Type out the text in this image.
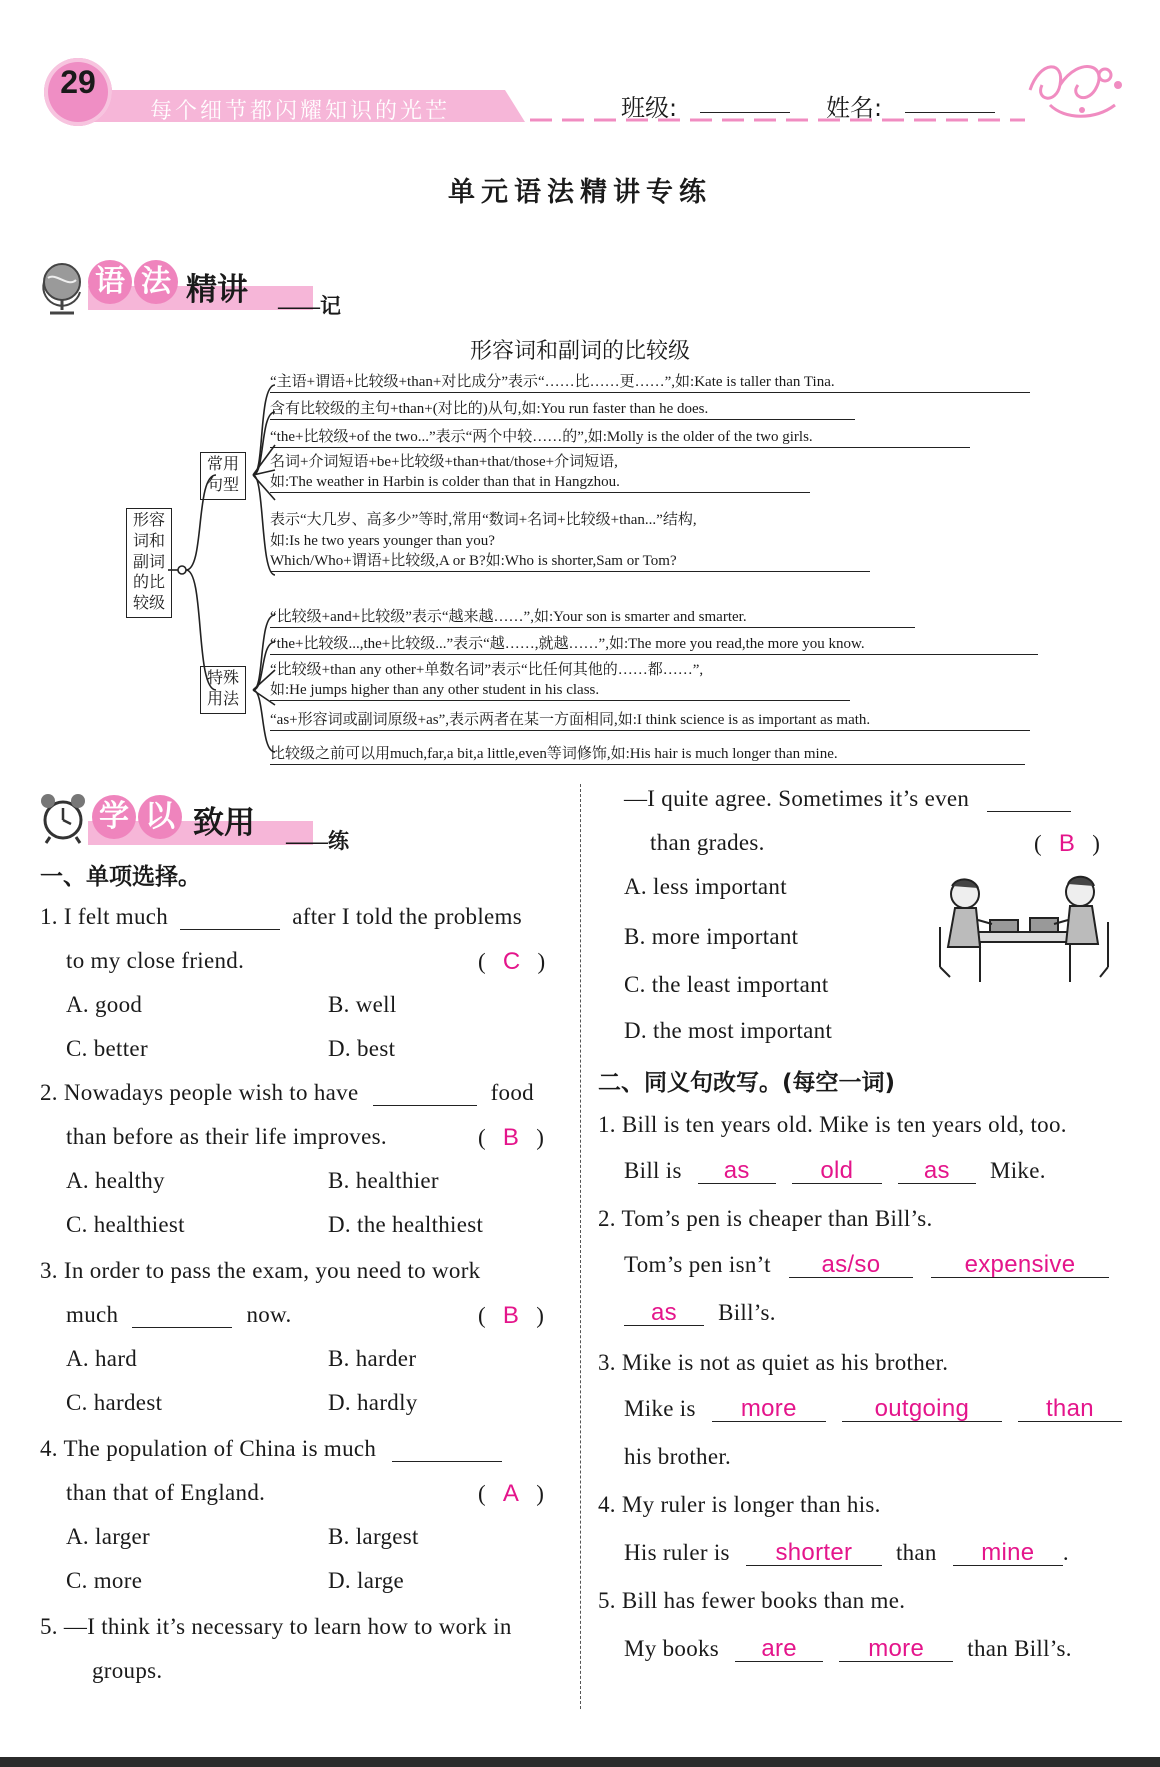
29
每个细节都闪耀知识的光芒	班级:	姓名:
单元语法精讲专练
语 法 精讲 ——记
形容词和副词的比较级
形容
词和
副词
的比
较级
常用
句型
特殊
用法
“主语+谓语+比较级+than+对比成分”表示“……比……更……”,如:Kate is taller than Tina.
含有比较级的主句+than+(对比的)从句,如:You run faster than he does.
“the+比较级+of the two...”表示“两个中较……的”,如:Molly is the older of the two girls.
名词+介词短语+be+比较级+than+that/those+介词短语,
如:The weather in Harbin is colder than that in Hangzhou.
表示“大几岁、高多少”等时,常用“数词+名词+比较级+than...”结构,
如:Is he two years younger than you?
Which/Who+谓语+比较级,A or B?如:Who is shorter,Sam or Tom?
“比较级+and+比较级”表示“越来越……”,如:Your son is smarter and smarter.
“the+比较级...,the+比较级...”表示“越……,就越……”,如:The more you read,the more you know.
“比较级+than any other+单数名词”表示“比任何其他的……都……”,
如:He jumps higher than any other student in his class.
“as+形容词或副词原级+as”,表示两者在某一方面相同,如:I think science is as important as math.
比较级之前可以用much,far,a bit,a little,even等词修饰,如:His hair is much longer than mine.
学 以 致用 ——练
一、单项选择。
1. I felt much	after I told the problems
to my close friend.	(   C   )
A. good	B. well
C. better	D. best
2. Nowadays people wish to have	food
than before as their life improves.	(   B   )
A. healthy	B. healthier
C. healthiest	D. the healthiest
3. In order to pass the exam, you need to work
much	now.	(   B   )
A. hard	B. harder
C. hardest	D. hardly
4. The population of China is much
than that of England.	(   A   )
A. larger	B. largest
C. more	D. large
5. —I think it’s necessary to learn how to work in
groups.
—I quite agree. Sometimes it’s even
than grades.	(   B   )
A. less important
B. more important
C. the least important
D. the most important
二、同义句改写。(每空一词)
1. Bill is ten years old. Mike is ten years old, too.
Bill is as	old	as Mike.
2. Tom’s pen is cheaper than Bill’s.
Tom’s pen isn’t as/so	expensive
as Bill’s.
3. Mike is not as quiet as his brother.
Mike is more	outgoing	than
his brother.
4. My ruler is longer than his.
His ruler is shorter than mine .
5. Bill has fewer books than me.
My books are	more than Bill’s.
